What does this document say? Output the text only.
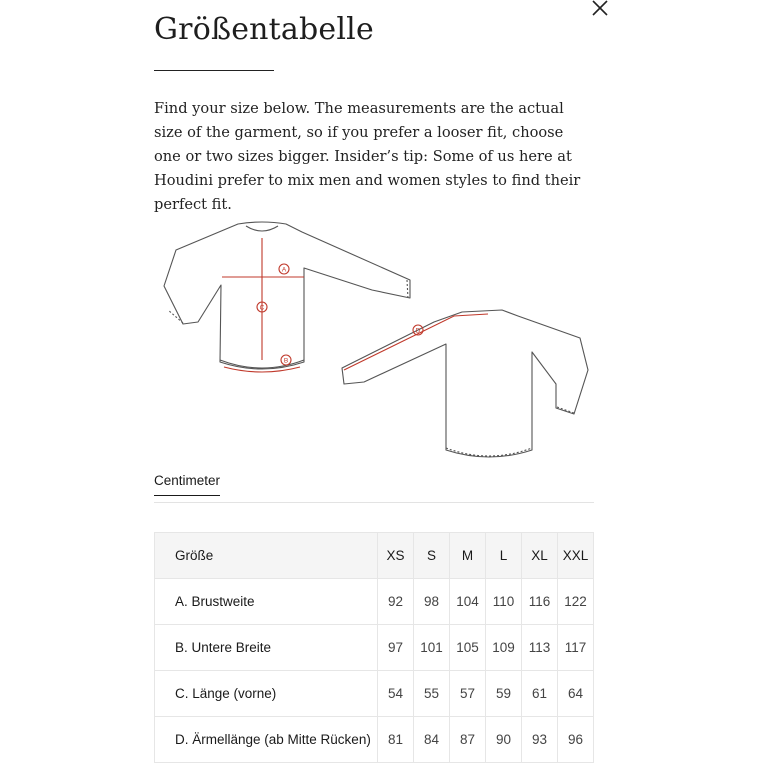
Größentabelle

Find your size below. The measurements are the actual size of the garment, so if you prefer a looser fit, choose one or two sizes bigger. Insider’s tip: Some of us here at Houdini prefer to mix men and women styles to find their perfect fit.

A
B
C
D
Centimeter
Größe	XS	S	M	L	XL	XXL
A. Brustweite	92	98	104	110	116	122
B. Untere Breite	97	101	105	109	113	117
C. Länge (vorne)	54	55	57	59	61	64
D. Ärmellänge (ab Mitte Rücken)	81	84	87	90	93	96
